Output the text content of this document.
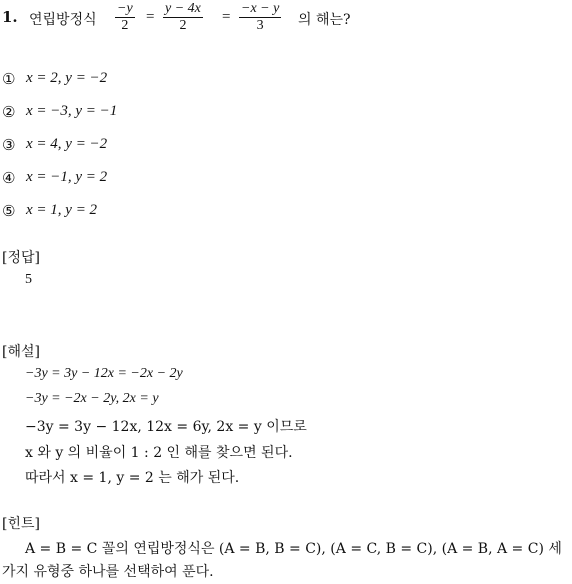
1. 연립방정식
−y
2
=
y − 4x
2
=
−x − y
3 의 해는?
① x = 2, y = −2
② x = −3, y = −1
③ x = 4, y = −2
④ x = −1, y = 2
⑤ x = 1, y = 2
[정답]
5
[해설]
−3y = 3y − 12x = −2x − 2y
−3y = −2x − 2y, 2x = y
−3y = 3y − 12x, 12x = 6y, 2x = y 이므로
x 와 y 의 비율이 1 : 2 인 해를 찾으면 된다.
따라서 x = 1, y = 2 는 해가 된다.
[힌트]
A = B = C 꼴의 연립방정식은 (A = B, B = C), (A = C, B = C), (A = B, A = C) 세 가지 유형중 하나를 선택하여 푼다.
